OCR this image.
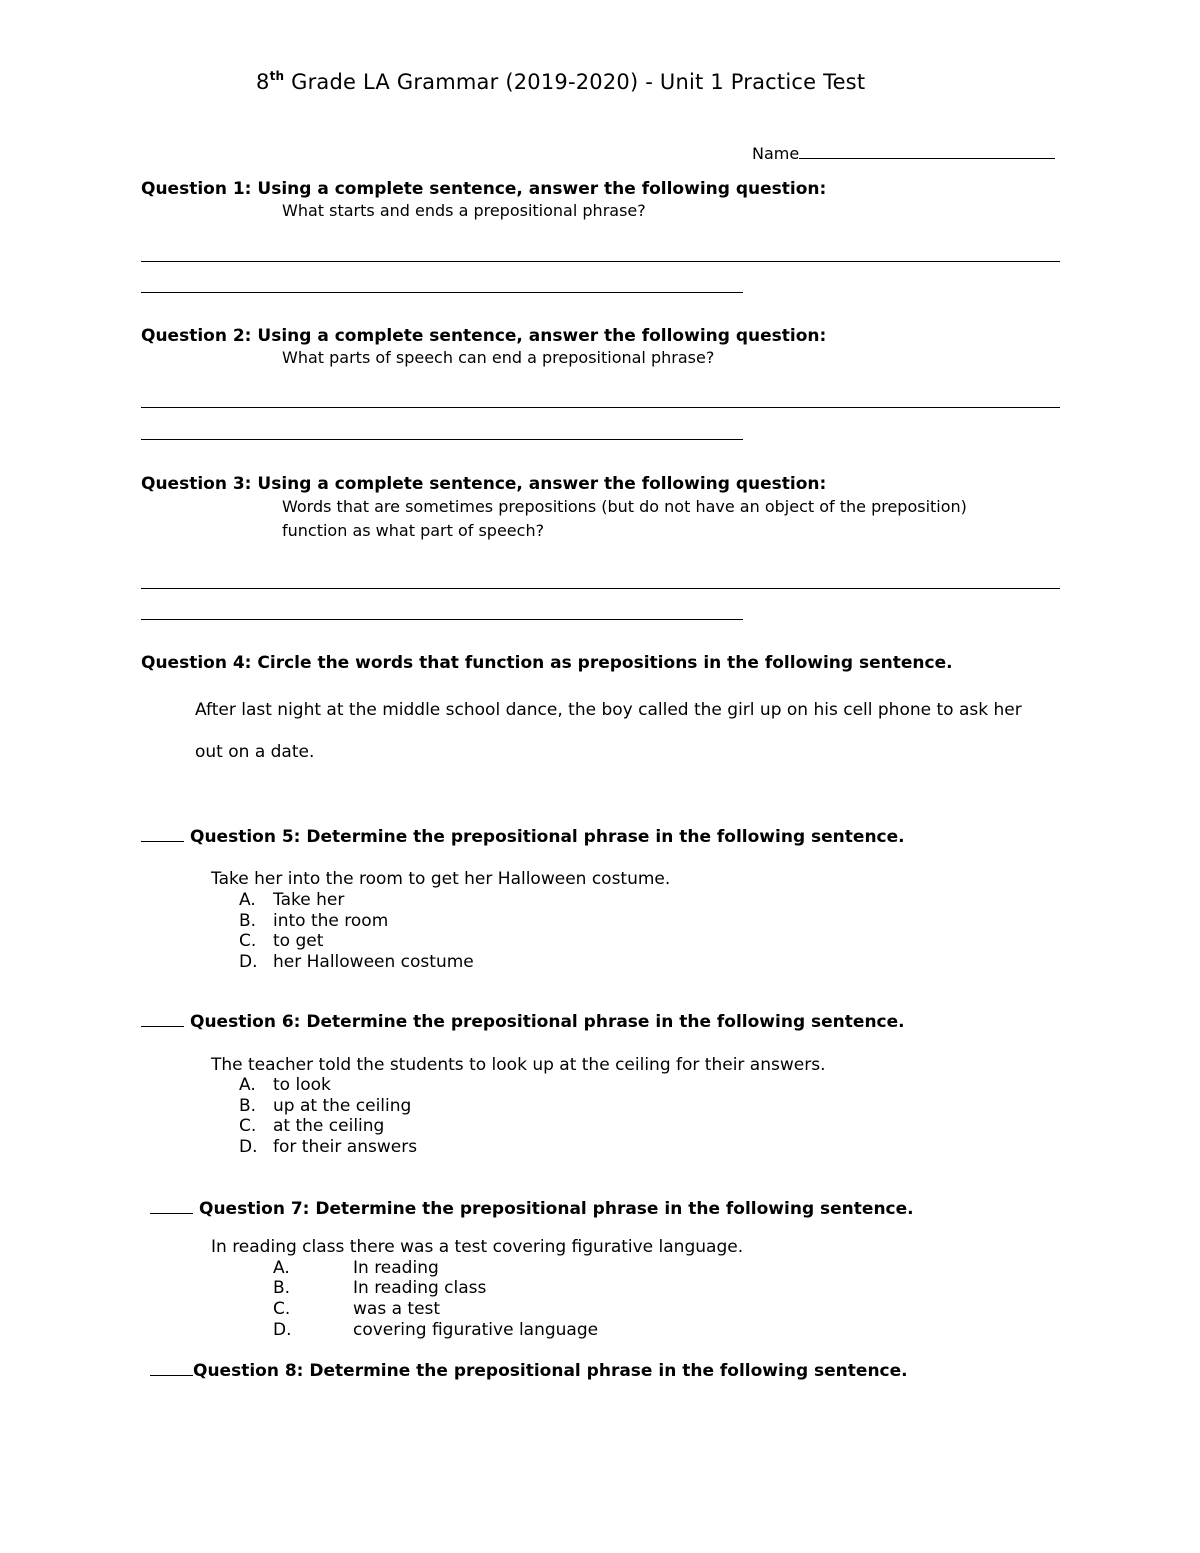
8th Grade LA Grammar (2019-2020) - Unit 1 Practice Test
Name
Question 1: Using a complete sentence, answer the following question:
What starts and ends a prepositional phrase?
Question 2: Using a complete sentence, answer the following question:
What parts of speech can end a prepositional phrase?
Question 3: Using a complete sentence, answer the following question:
Words that are sometimes prepositions (but do not have an object of the preposition)
function as what part of speech?
Question 4: Circle the words that function as prepositions in the following sentence.
After last night at the middle school dance, the boy called the girl up on his cell phone to ask her
out on a date.
Question 5: Determine the prepositional phrase in the following sentence.
Take her into the room to get her Halloween costume.
A. Take her
B. into the room
C. to get
D. her Halloween costume
Question 6: Determine the prepositional phrase in the following sentence.
The teacher told the students to look up at the ceiling for their answers.
A. to look
B. up at the ceiling
C. at the ceiling
D. for their answers
Question 7: Determine the prepositional phrase in the following sentence.
In reading class there was a test covering figurative language.
A.	In reading
B.	In reading class
C.	was a test
D.	covering figurative language
Question 8: Determine the prepositional phrase in the following sentence.
